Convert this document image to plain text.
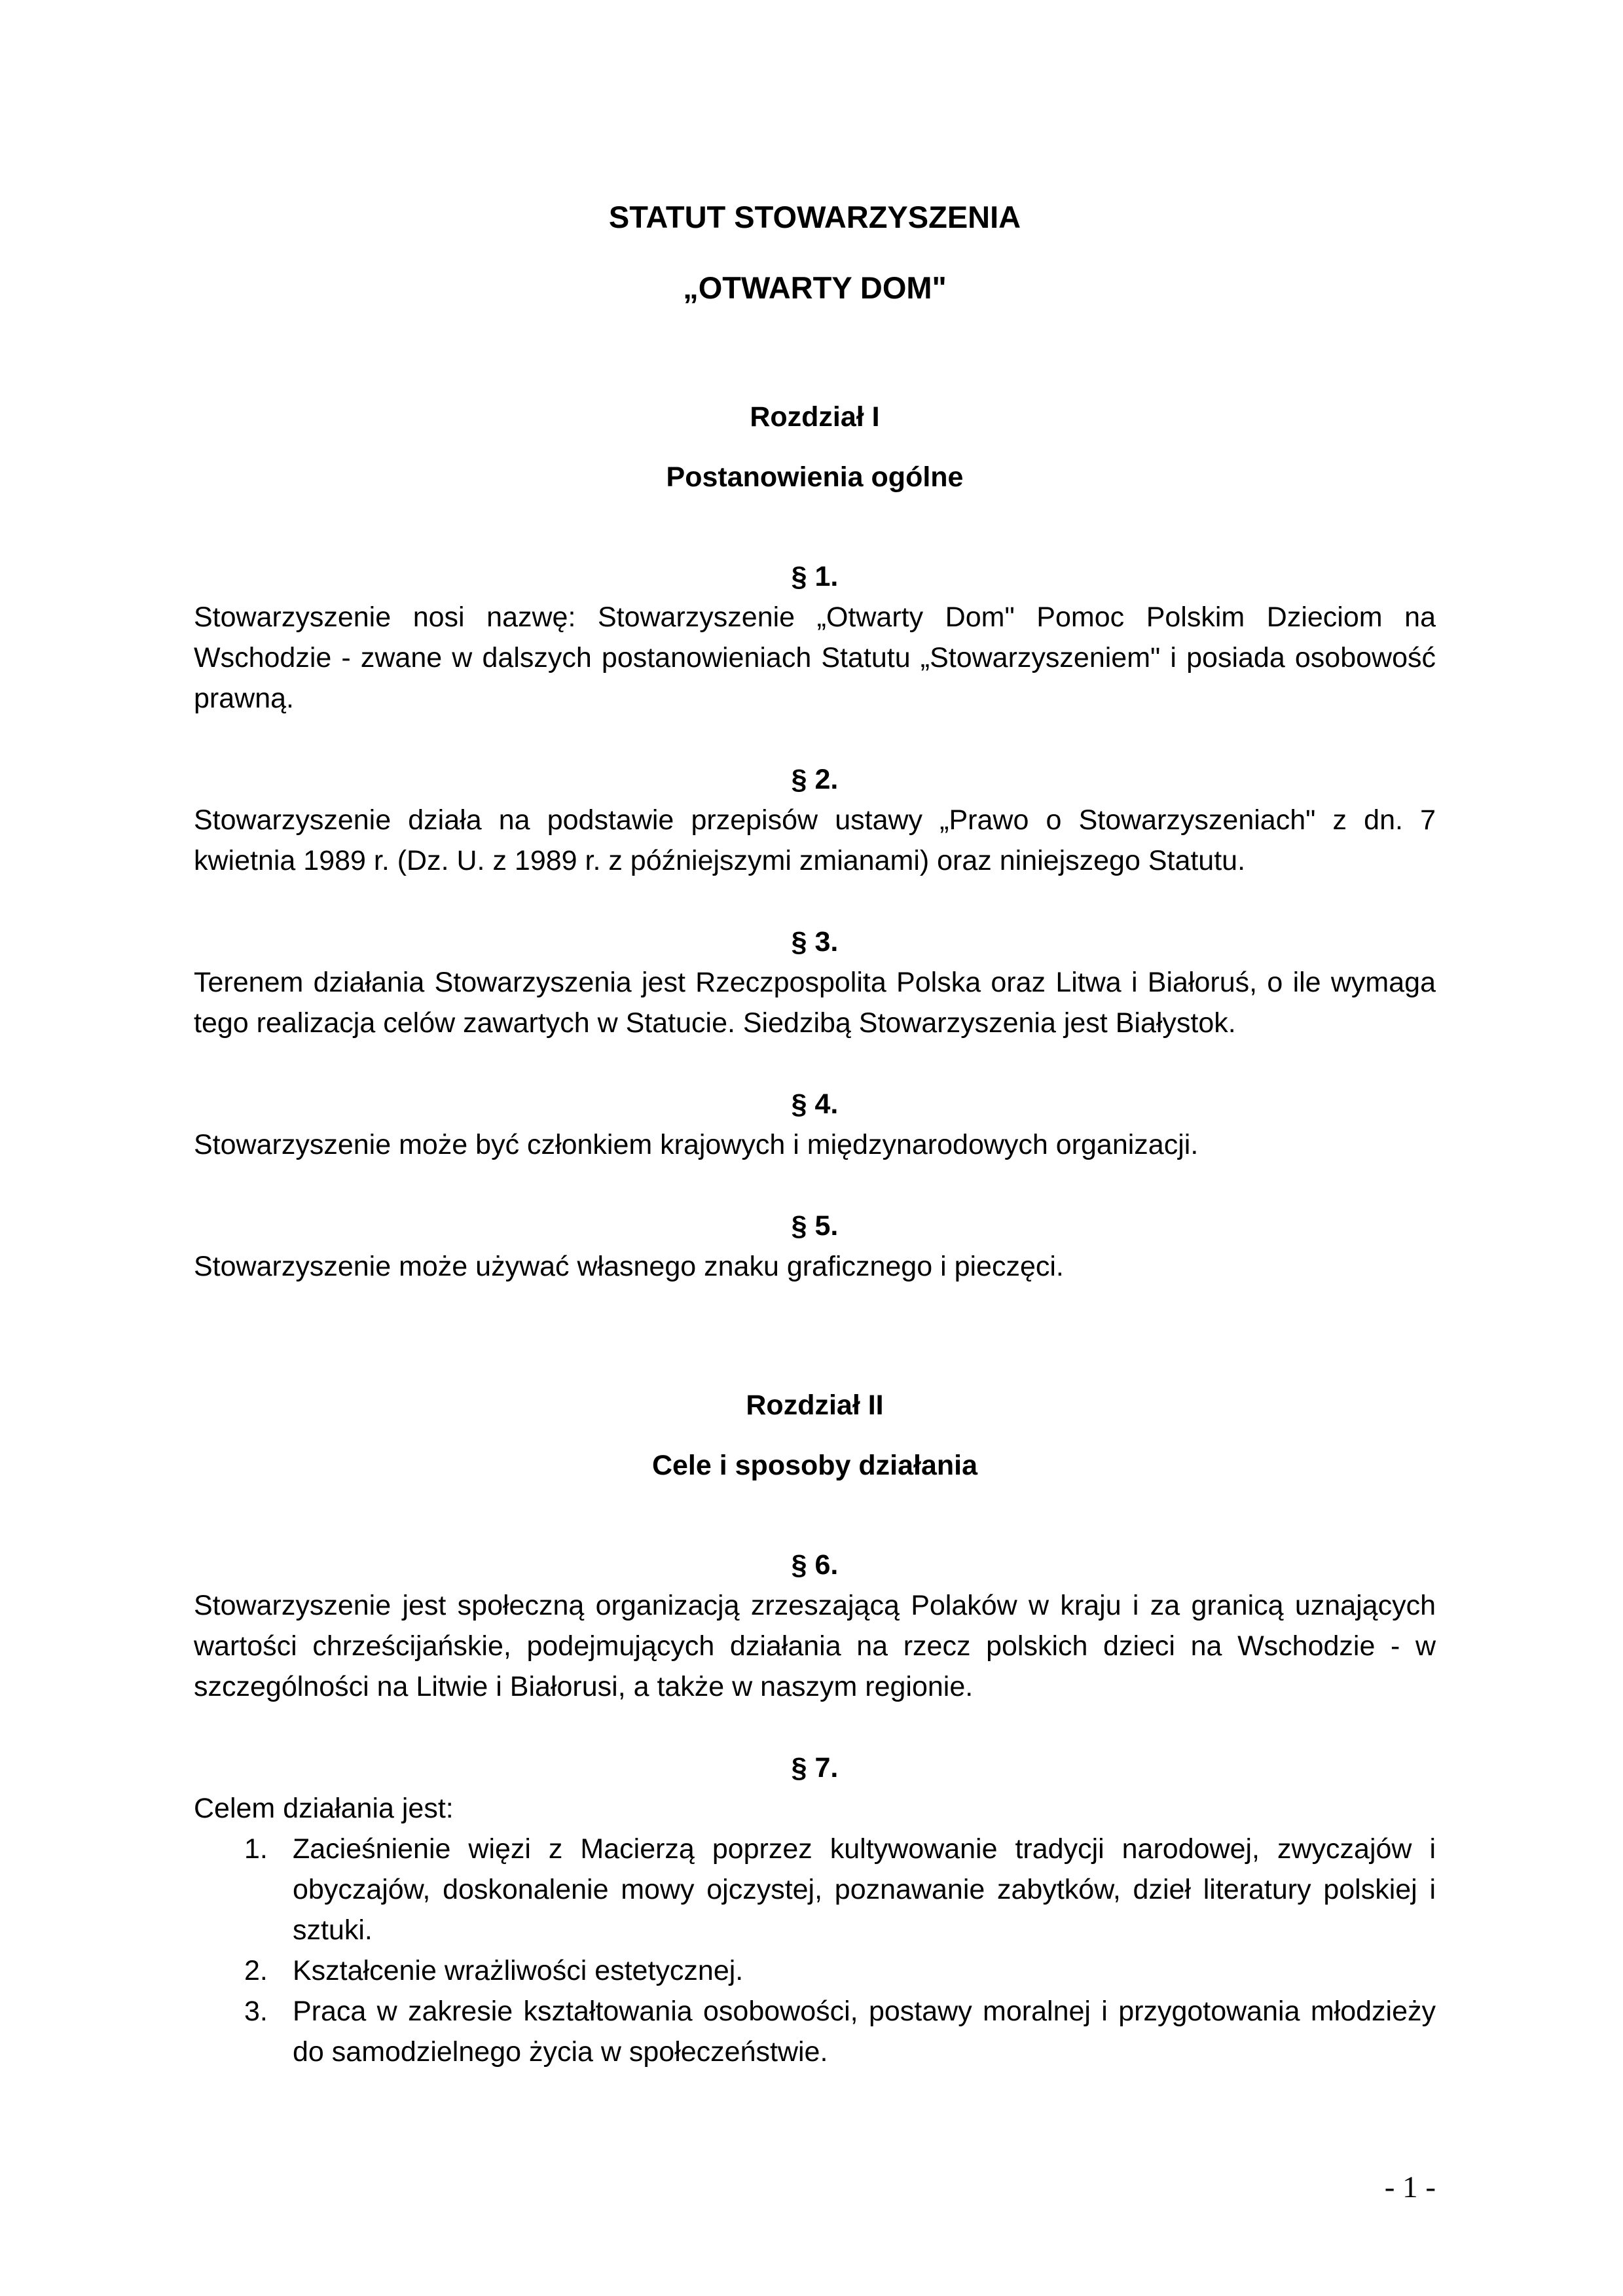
STATUT STOWARZYSZENIA
„OTWARTY DOM"

Rozdział I

Postanowienia ogólne

§ 1.

Stowarzyszenie nosi nazwę: Stowarzyszenie „Otwarty Dom" Pomoc Polskim Dzieciom na Wschodzie - zwane w dalszych postanowieniach Statutu „Stowarzyszeniem" i posiada osobowość prawną.

§ 2.

Stowarzyszenie działa na podstawie przepisów ustawy „Prawo o Stowarzyszeniach" z dn. 7 kwietnia 1989 r. (Dz. U. z 1989 r. z późniejszymi zmianami) oraz niniejszego Statutu.

§ 3.

Terenem działania Stowarzyszenia jest Rzeczpospolita Polska oraz Litwa i Białoruś, o ile wymaga tego realizacja celów zawartych w Statucie. Siedzibą Stowarzyszenia jest Białystok.

§ 4.

Stowarzyszenie może być członkiem krajowych i międzynarodowych organizacji.

§ 5.

Stowarzyszenie może używać własnego znaku graficznego i pieczęci.

Rozdział II

Cele i sposoby działania

§ 6.

Stowarzyszenie jest społeczną organizacją zrzeszającą Polaków w kraju i za granicą uznających wartości chrześcijańskie, podejmujących działania na rzecz polskich dzieci na Wschodzie - w szczególności na Litwie i Białorusi, a także w naszym regionie.

§ 7.

Celem działania jest:

1. Zacieśnienie więzi z Macierzą poprzez kultywowanie tradycji narodowej, zwyczajów i obyczajów, doskonalenie mowy ojczystej, poznawanie zabytków, dzieł literatury polskiej i sztuki.
2. Kształcenie wrażliwości estetycznej.
3. Praca w zakresie kształtowania osobowości, postawy moralnej i przygotowania młodzieży do samodzielnego życia w społeczeństwie.
- 1 -
